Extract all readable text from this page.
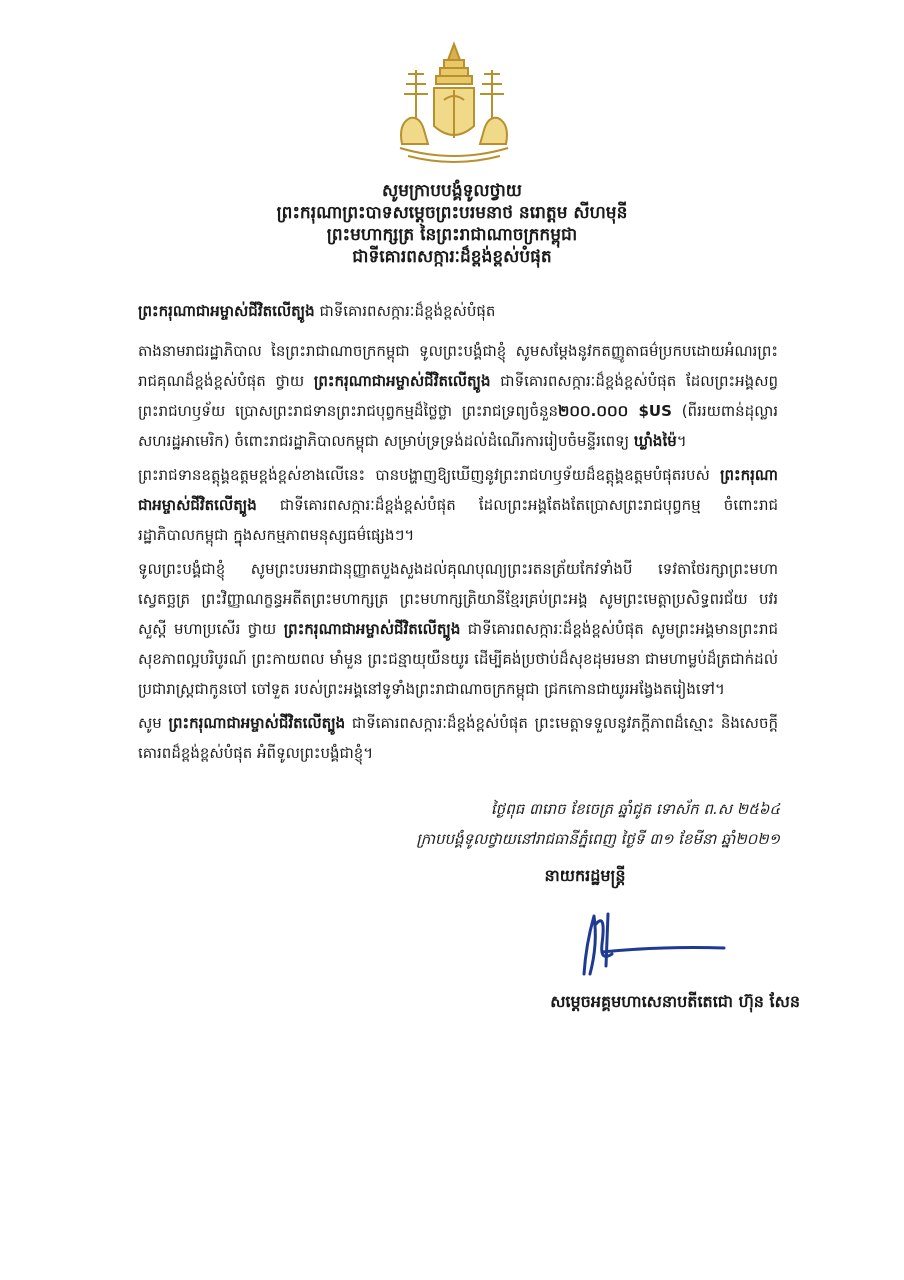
សូមក្រាបបង្គំទូលថ្វាយ
ព្រះករុណាព្រះបាទសម្ដេចព្រះបរមនាថ នរោត្តម សីហមុនី
ព្រះមហាក្សត្រ នៃព្រះរាជាណាចក្រកម្ពុជា
ជាទីគោរពសក្ការៈដ៏ខ្ពង់ខ្ពស់បំផុត

ព្រះករុណាជាអម្ចាស់ជីវិតលើត្បូង ជាទីគោរពសក្ការៈដ៏ខ្ពង់ខ្ពស់បំផុត

តាងនាមរាជរដ្ឋាភិបាល នៃព្រះរាជាណាចក្រកម្ពុជា ទូលព្រះបង្គំជាខ្ញុំ សូមសម្ដែងនូវកតញ្ញូតាធម៌ប្រកបដោយអំណរព្រះរាជគុណដ៏ខ្ពង់ខ្ពស់បំផុត ថ្វាយ ព្រះករុណាជាអម្ចាស់ជីវិតលើត្បូង ជាទីគោរពសក្ការៈដ៏ខ្ពង់ខ្ពស់បំផុត ដែលព្រះអង្គសព្វព្រះរាជហឫទ័យ ប្រោសព្រះរាជទានព្រះរាជបុព្វកម្មដ៏ថ្លៃថ្លា ព្រះរាជទ្រព្យចំនួន២០០.០០០ $US (ពីររយពាន់ដុល្លារសហរដ្ឋអាមេរិក) ចំពោះរាជរដ្ឋាភិបាលកម្ពុជា សម្រាប់ទ្រទ្រង់ដល់ដំណើរការរៀបចំមន្ទីរពេទ្យ ឃ្លាំងម៉ៃ។

ព្រះរាជទានឧត្តុង្គឧត្តមខ្ពង់ខ្ពស់ខាងលើនេះ បានបង្ហាញឱ្យឃើញនូវព្រះរាជហឫទ័យដ៏ឧត្តុង្គឧត្តមបំផុតរបស់ ព្រះករុណាជាអម្ចាស់ជីវិតលើត្បូង ជាទីគោរពសក្ការៈដ៏ខ្ពង់ខ្ពស់បំផុត ដែលព្រះអង្គតែងតែប្រោសព្រះរាជបុព្វកម្ម ចំពោះរាជរដ្ឋាភិបាលកម្ពុជា ក្នុងសកម្មភាពមនុស្សធម៌ផ្សេងៗ។

ទូលព្រះបង្គំជាខ្ញុំ សូមព្រះបរមរាជានុញ្ញាតបួងសួងដល់គុណបុណ្យព្រះរតនត្រ័យកែវទាំងបី ទេវតាថែរក្សាព្រះមហាស្វេតច្ឆត្រ ព្រះវិញ្ញាណក្ខន្ធអតីតព្រះមហាក្សត្រ ព្រះមហាក្សត្រិយានីខ្មែរគ្រប់ព្រះអង្គ សូមព្រះមេត្តាប្រសិទ្ធពរជ័យ បវរសួស្ដី មហាប្រសើរ ថ្វាយ ព្រះករុណាជាអម្ចាស់ជីវិតលើត្បូង ជាទីគោរពសក្ការៈដ៏ខ្ពង់ខ្ពស់បំផុត សូមព្រះអង្គមានព្រះរាជសុខភាពល្អបរិបូរណ៍ ព្រះកាយពល មាំមួន ព្រះជន្មាយុយឺនយូរ ដើម្បីគង់ប្រថាប់ដ៏សុខដុមរមនា ជាមហាម្លប់ដ៏ត្រជាក់ដល់ប្រជារាស្ត្រជាកូនចៅ ចៅទួត របស់ព្រះអង្គនៅទូទាំងព្រះរាជាណាចក្រកម្ពុជា ជ្រកកោនជាយូរអង្វែងតរៀងទៅ។

សូម ព្រះករុណាជាអម្ចាស់ជីវិតលើត្បូង ជាទីគោរពសក្ការៈដ៏ខ្ពង់ខ្ពស់បំផុត ព្រះមេត្តាទទួលនូវភក្ដីភាពដ៏ស្មោះ និងសេចក្ដីគោរពដ៏ខ្ពង់ខ្ពស់បំផុត អំពីទូលព្រះបង្គំជាខ្ញុំ។

ថ្ងៃពុធ ៣រោច ខែចេត្រ ឆ្នាំជូត ទោស័ក ព.ស ២៥៦៤
ក្រាបបង្គំទូលថ្វាយនៅរាជធានីភ្នំពេញ ថ្ងៃទី ៣១ ខែមីនា ឆ្នាំ២០២១
នាយករដ្ឋមន្ត្រី
សម្ដេចអគ្គមហាសេនាបតីតេជោ ហ៊ុន សែន
